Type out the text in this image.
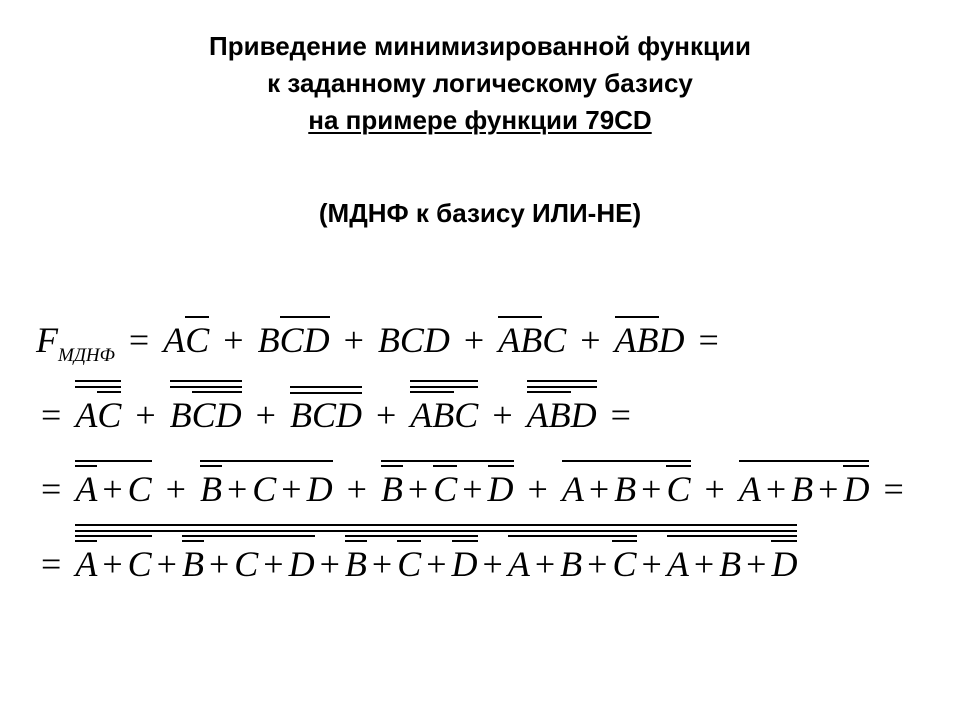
Приведение минимизированной функции
к заданному логическому базису
на примере функции 79CD
(МДНФ к базису ИЛИ-НЕ)
$F_{МДНФ}$ = AC + BCD + BCD + ABC + ABD =
= AC + BCD + BCD + ABC + ABD =
= A + C + B + C + D + B + C + D + A + B + C + A + B + D =
= A + C + B + C + D + B + C + D + A + B + C + A + B + D
